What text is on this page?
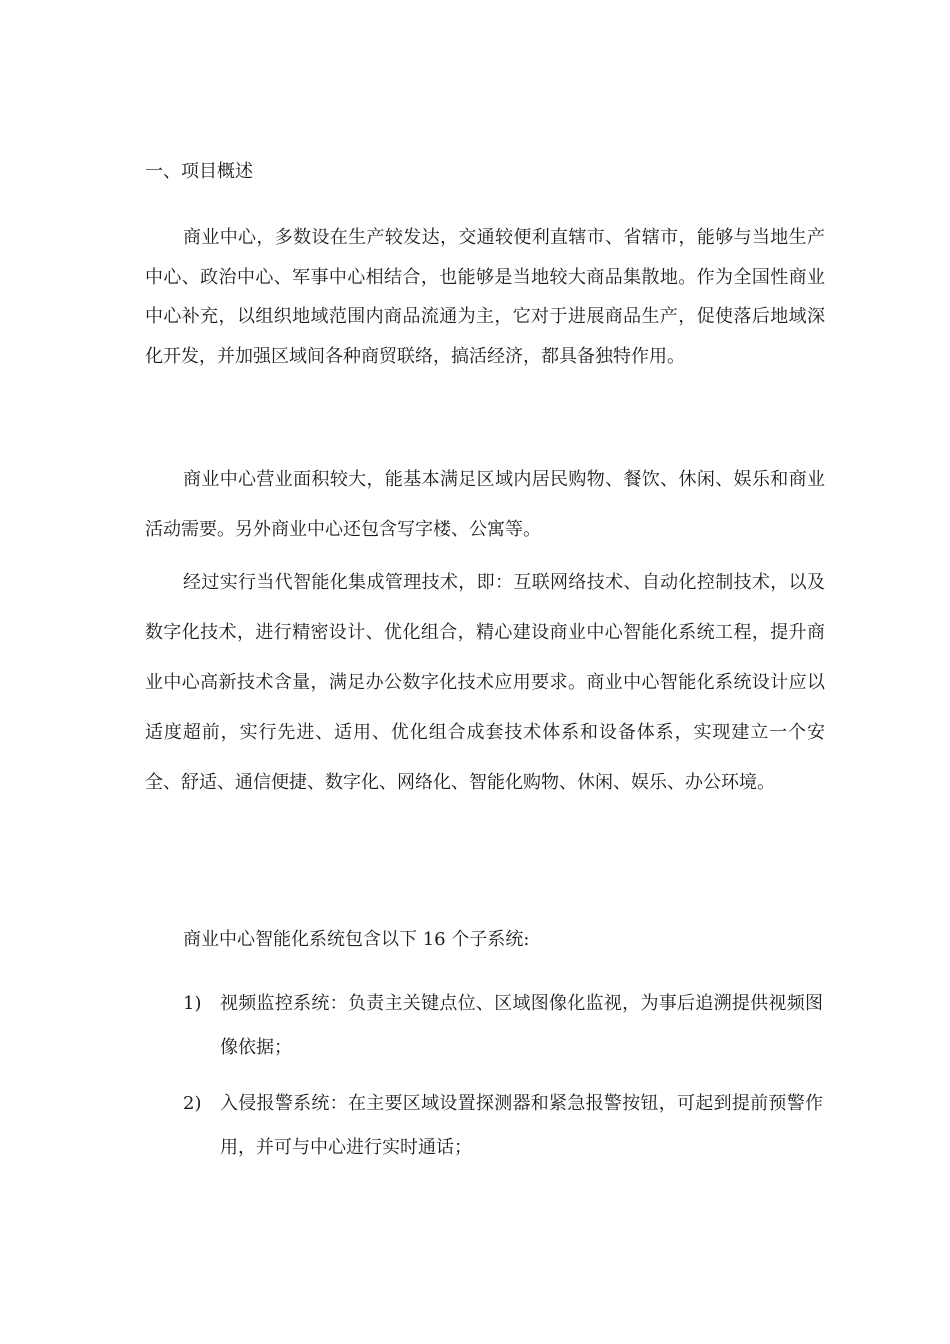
一、项目概述

商业中心，多数设在生产较发达，交通较便利直辖市、省辖市，能够与当地生产中心、政治中心、军事中心相结合，也能够是当地较大商品集散地。作为全国性商业中心补充，以组织地域范围内商品流通为主，它对于进展商品生产，促使落后地域深化开发，并加强区域间各种商贸联络，搞活经济，都具备独特作用。

商业中心营业面积较大，能基本满足区域内居民购物、餐饮、休闲、娱乐和商业活动需要。另外商业中心还包含写字楼、公寓等。

经过实行当代智能化集成管理技术，即：互联网络技术、自动化控制技术，以及数字化技术，进行精密设计、优化组合，精心建设商业中心智能化系统工程，提升商业中心高新技术含量，满足办公数字化技术应用要求。商业中心智能化系统设计应以适度超前，实行先进、适用、优化组合成套技术体系和设备体系，实现建立一个安全、舒适、通信便捷、数字化、网络化、智能化购物、休闲、娱乐、办公环境。

商业中心智能化系统包含以下 16 个子系统:

1) 视频监控系统：负责主关键点位、区域图像化监视，为事后追溯提供视频图像依据；
2) 入侵报警系统：在主要区域设置探测器和紧急报警按钮，可起到提前预警作用，并可与中心进行实时通话；
